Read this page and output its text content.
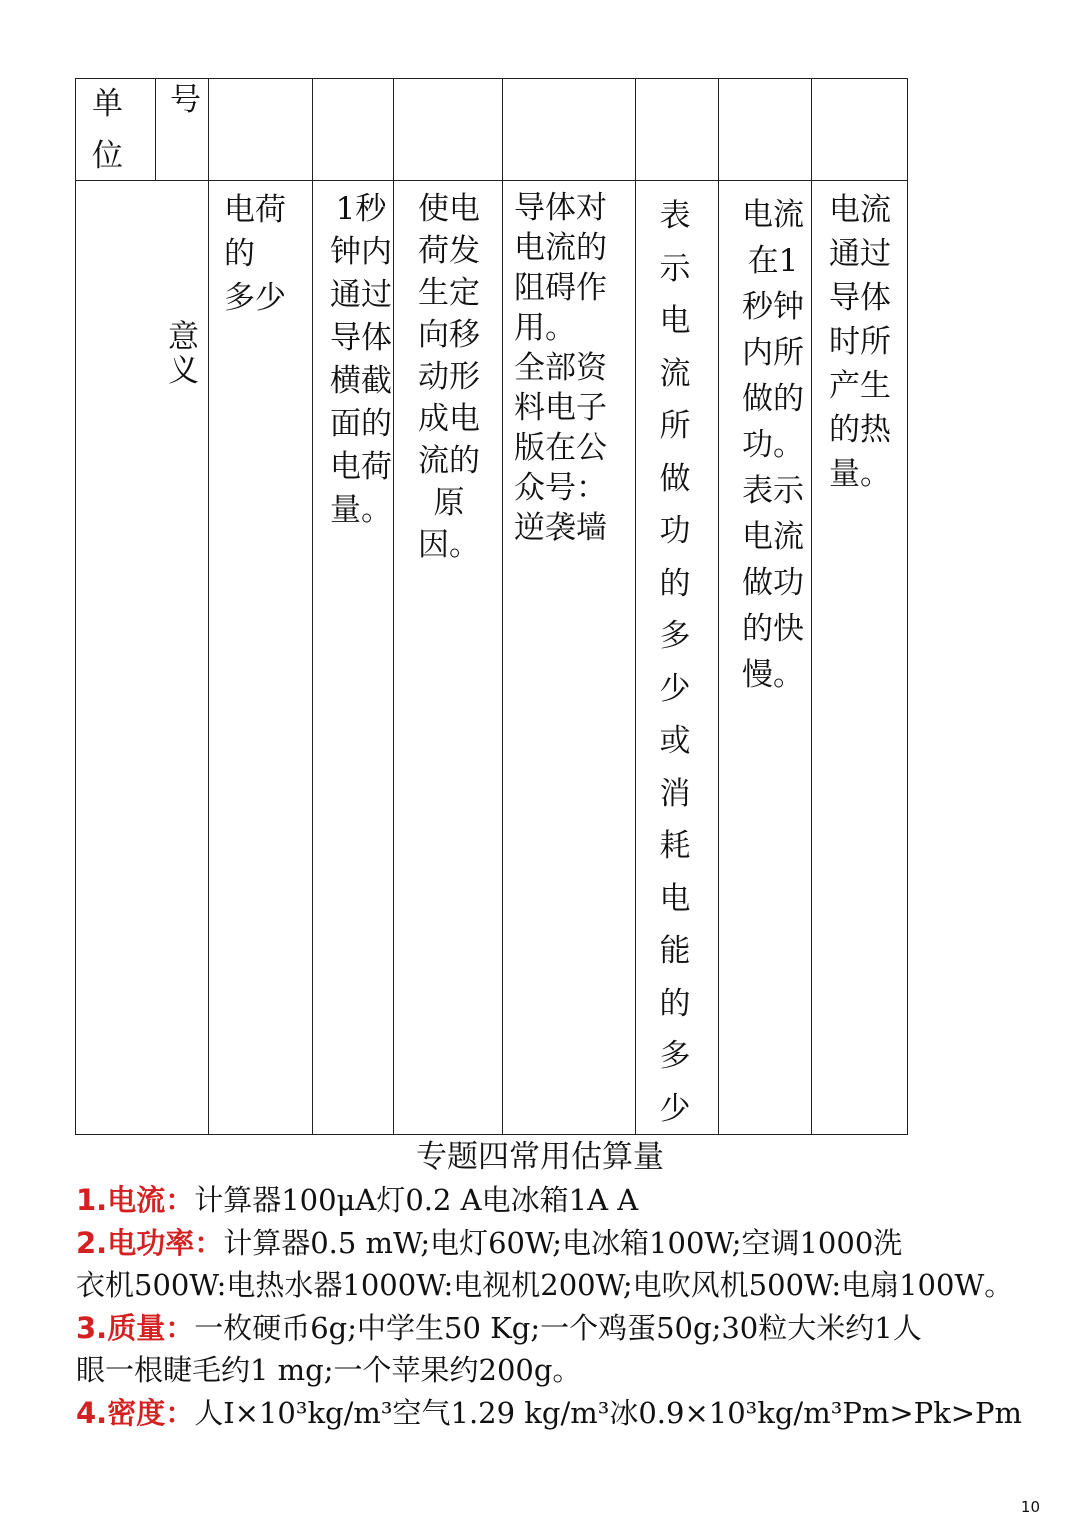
单
位
号
意
义
电荷的
多少
1秒钟内通过导体横截面的电荷量。
使电荷发生定向移动形成电流的原因。
导体对电流的阻碍作用。
全部资料电子版在公众号：逆袭墙
表示电流所做功的多少或消耗电能的多少
电流在1秒钟内所做的功。表示电流做功的快慢。
电流通过导体时所产生的热量。
专题四常用估算量
1.电流：计算器100μA灯0.2 A电冰箱1A A
2.电功率：计算器0.5 mW;电灯60W;电冰箱100W;空调1000洗
衣机500W:电热水器1000W:电视机200W;电吹风机500W:电扇100W。
3.质量：一枚硬币6g;中学生50 Kg;一个鸡蛋50g;30粒大米约1人
眼一根睫毛约1 mg;一个苹果约200g。
4.密度：人I×10³kg/m³空气1.29 kg/m³冰0.9×10³kg/m³Pm>Pk>Pm
10
